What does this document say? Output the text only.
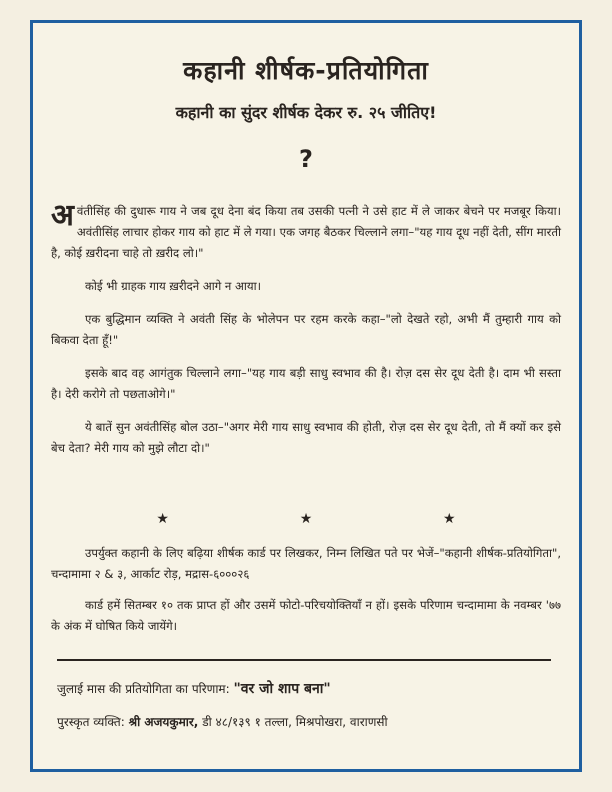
कहानी शीर्षक-प्रतियोगिता
कहानी का सुंदर शीर्षक देकर रु. २५ जीतिए!
?

अवंतीसिंह की दुधारू गाय ने जब दूध देना बंद किया तब उसकी पत्नी ने उसे हाट में ले जाकर बेचने पर मजबूर किया। अवंतीसिंह लाचार होकर गाय को हाट में ले गया। एक जगह बैठकर चिल्लाने लगा–"यह गाय दूध नहीं देती, सींग मारती है, कोई ख़रीदना चाहे तो ख़रीद लो।"

कोई भी ग्राहक गाय ख़रीदने आगे न आया।

एक बुद्धिमान व्यक्ति ने अवंती सिंह के भोलेपन पर रहम करके कहा–"लो देखते रहो, अभी मैं तुम्हारी गाय को बिकवा देता हूँ!"

इसके बाद वह आगंतुक चिल्लाने लगा–"यह गाय बड़ी साधु स्वभाव की है। रोज़ दस सेर दूध देती है। दाम भी सस्ता है। देरी करोगे तो पछताओगे।"

ये बातें सुन अवंतीसिंह बोल उठा–"अगर मेरी गाय साधु स्वभाव की होती, रोज़ दस सेर दूध देती, तो मैं क्यों कर इसे बेच देता? मेरी गाय को मुझे लौटा दो।"

★	★	★

उपर्युक्त कहानी के लिए बढ़िया शीर्षक कार्ड पर लिखकर, निम्न लिखित पते पर भेजें–"कहानी शीर्षक-प्रतियोगिता", चन्दामामा २ & ३, आर्काट रोड़, मद्रास-६०००२६

कार्ड हमें सितम्बर १० तक प्राप्त हों और उसमें फोटो-परिचयोक्तियाँ न हों। इसके परिणाम चन्दामामा के नवम्बर '७७ के अंक में घोषित किये जायेंगे।

जुलाई मास की प्रतियोगिता का परिणाम: "वर जो शाप बना"
पुरस्कृत व्यक्ति: श्री अजयकुमार, डी ४८/१३९ १ तल्ला, मिश्रपोखरा, वाराणसी
